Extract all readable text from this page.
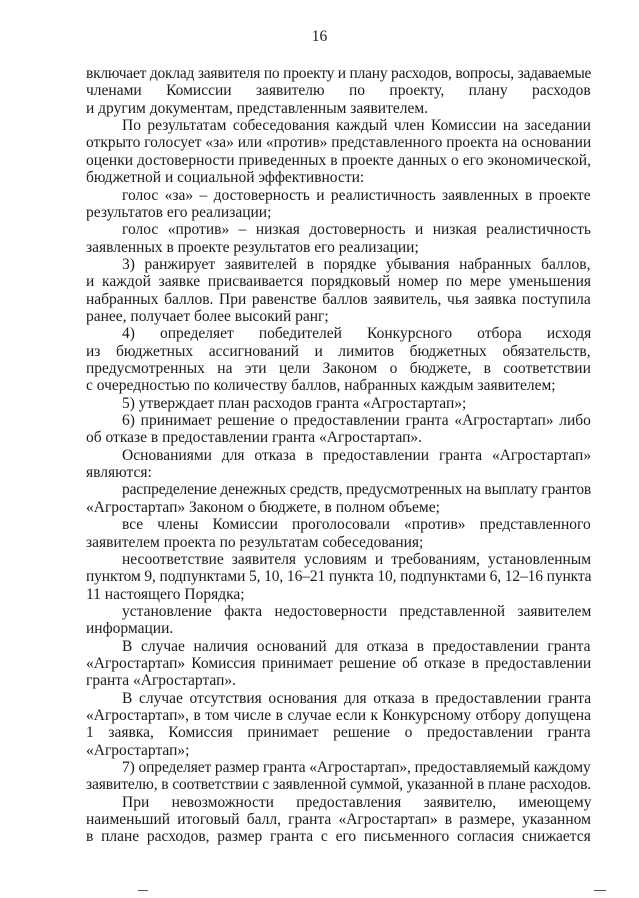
16
включает доклад заявителя по проекту и плану расходов, вопросы, задаваемые
членами Комиссии заявителю по проекту, плану расходов
и другим документам, представленным заявителем.
По результатам собеседования каждый член Комиссии на заседании
открыто голосует «за» или «против» представленного проекта на основании
оценки достоверности приведенных в проекте данных о его экономической,
бюджетной и социальной эффективности:
голос «за» – достоверность и реалистичность заявленных в проекте
результатов его реализации;
голос «против» – низкая достоверность и низкая реалистичность
заявленных в проекте результатов его реализации;
3) ранжирует заявителей в порядке убывания набранных баллов,
и каждой заявке присваивается порядковый номер по мере уменьшения
набранных баллов. При равенстве баллов заявитель, чья заявка поступила
ранее, получает более высокий ранг;
4) определяет победителей Конкурсного отбора исходя
из бюджетных ассигнований и лимитов бюджетных обязательств,
предусмотренных на эти цели Законом о бюджете, в соответствии
с очередностью по количеству баллов, набранных каждым заявителем;
5) утверждает план расходов гранта «Агростартап»;
6) принимает решение о предоставлении гранта «Агростартап» либо
об отказе в предоставлении гранта «Агростартап».
Основаниями для отказа в предоставлении гранта «Агростартап»
являются:
распределение денежных средств, предусмотренных на выплату грантов
«Агростартап» Законом о бюджете, в полном объеме;
все члены Комиссии проголосовали «против» представленного
заявителем проекта по результатам собеседования;
несоответствие заявителя условиям и требованиям, установленным
пунктом 9, подпунктами 5, 10, 16–21 пункта 10, подпунктами 6, 12–16 пункта
11 настоящего Порядка;
установление факта недостоверности представленной заявителем
информации.
В случае наличия оснований для отказа в предоставлении гранта
«Агростартап» Комиссия принимает решение об отказе в предоставлении
гранта «Агростартап».
В случае отсутствия основания для отказа в предоставлении гранта
«Агростартап», в том числе в случае если к Конкурсному отбору допущена
1 заявка, Комиссия принимает решение о предоставлении гранта
«Агростартап»;
7) определяет размер гранта «Агростартап», предоставляемый каждому
заявителю, в соответствии с заявленной суммой, указанной в плане расходов.
При невозможности предоставления заявителю, имеющему
наименьший итоговый балл, гранта «Агростартап» в размере, указанном
в плане расходов, размер гранта с его письменного согласия снижается
